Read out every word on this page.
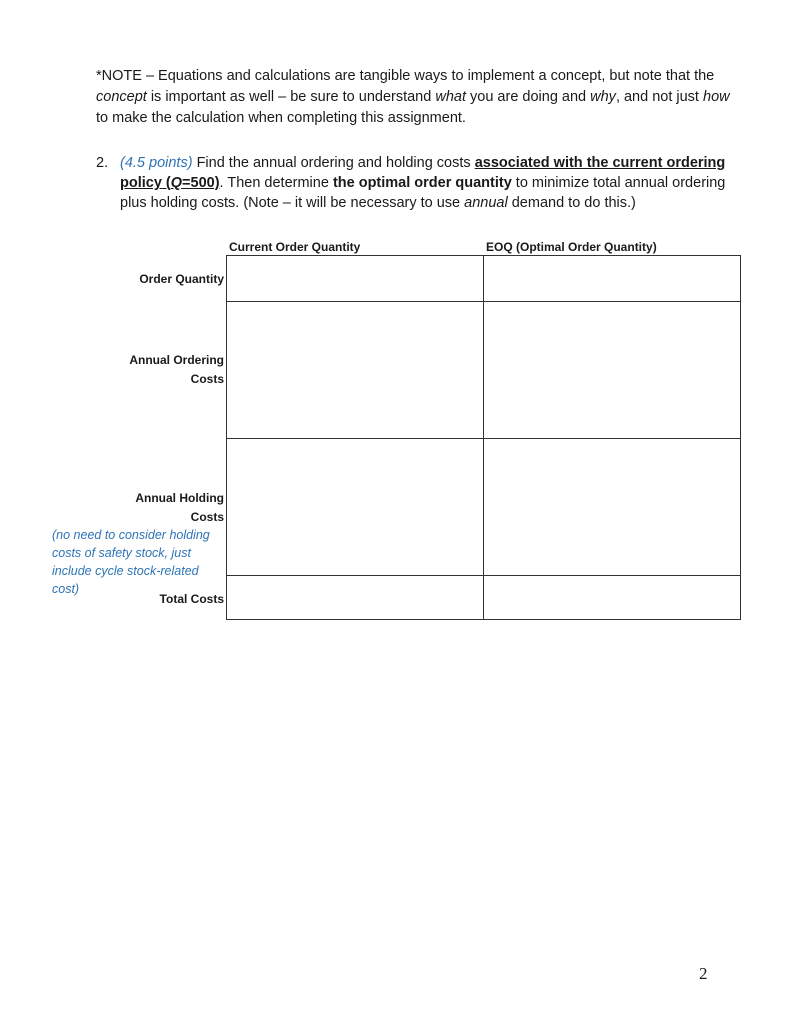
*NOTE – Equations and calculations are tangible ways to implement a concept, but note that the concept is important as well – be sure to understand what you are doing and why, and not just how to make the calculation when completing this assignment.

2. (4.5 points) Find the annual ordering and holding costs associated with the current ordering policy (Q=500). Then determine the optimal order quantity to minimize total annual ordering plus holding costs. (Note – it will be necessary to use annual demand to do this.)
Current Order Quantity	EOQ (Optimal Order Quantity)
Order Quantity
Annual Ordering
Costs
Annual Holding
Costs
(no need to consider holding costs of safety stock, just include cycle stock-related cost)
Total Costs
2
